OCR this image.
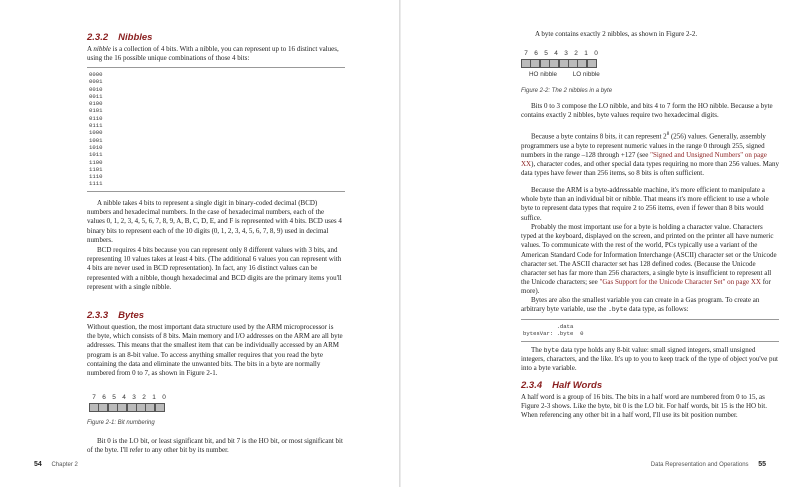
2.3.2 Nibbles

A nibble is a collection of 4 bits. With a nibble, you can represent up to 16 distinct values, using the 16 possible unique combinations of those 4 bits:

0000
0001
0010
0011
0100
0101
0110
0111
1000
1001
1010
1011
1100
1101
1110
1111

A nibble takes 4 bits to represent a single digit in binary-coded decimal (BCD) numbers and hexadecimal numbers. In the case of hexadecimal numbers, each of the values 0, 1, 2, 3, 4, 5, 6, 7, 8, 9, A, B, C, D, E, and F is represented with 4 bits. BCD uses 4 binary bits to represent each of the 10 digits (0, 1, 2, 3, 4, 5, 6, 7, 8, 9) used in decimal numbers.

BCD requires 4 bits because you can represent only 8 different values with 3 bits, and representing 10 values takes at least 4 bits. (The additional 6 values you can represent with 4 bits are never used in BCD representation). In fact, any 16 distinct values can be represented with a nibble, though hexadecimal and BCD digits are the primary items you'll represent with a single nibble.

2.3.3 Bytes

Without question, the most important data structure used by the ARM microprocessor is the byte, which consists of 8 bits. Main memory and I/O addresses on the ARM are all byte addresses. This means that the smallest item that can be individually accessed by an ARM program is an 8-bit value. To access anything smaller requires that you read the byte containing the data and eliminate the unwanted bits. The bits in a byte are normally numbered from 0 to 7, as shown in Figure 2-1.

7 6 5 4 3 2 1 0
Figure 2-1: Bit numbering

Bit 0 is the LO bit, or least significant bit, and bit 7 is the HO bit, or most significant bit of the byte. I'll refer to any other bit by its number.

54 Chapter 2

A byte contains exactly 2 nibbles, as shown in Figure 2-2.

7 6 5 4 3 2 1 0
HO nibble	LO nibble
Figure 2-2: The 2 nibbles in a byte

Bits 0 to 3 compose the LO nibble, and bits 4 to 7 form the HO nibble. Because a byte contains exactly 2 nibbles, byte values require two hexadecimal digits.

Because a byte contains 8 bits, it can represent $2^8$ (256) values. Generally, assembly programmers use a byte to represent numeric values in the range 0 through 255, signed numbers in the range –128 through +127 (see "Signed and Unsigned Numbers" on page XX), character codes, and other special data types requiring no more than 256 values. Many data types have fewer than 256 items, so 8 bits is often sufficient.

Because the ARM is a byte-addressable machine, it's more efficient to manipulate a whole byte than an individual bit or nibble. That means it's more efficient to use a whole byte to represent data types that require 2 to 256 items, even if fewer than 8 bits would suffice.

Probably the most important use for a byte is holding a character value. Characters typed at the keyboard, displayed on the screen, and printed on the printer all have numeric values. To communicate with the rest of the world, PCs typically use a variant of the American Standard Code for Information Interchange (ASCII) character set or the Unicode character set. The ASCII character set has 128 defined codes. (Because the Unicode character set has far more than 256 characters, a single byte is insufficient to represent all the Unicode characters; see "Gas Support for the Unicode Character Set" on page XX for more).

Bytes are also the smallest variable you can create in a Gas program. To create an arbitrary byte variable, use the .byte data type, as follows:

.data
bytesVar: .byte  0

The byte data type holds any 8-bit value: small signed integers, small unsigned integers, characters, and the like. It's up to you to keep track of the type of object you've put into a byte variable.

2.3.4 Half Words

A half word is a group of 16 bits. The bits in a half word are numbered from 0 to 15, as Figure 2-3 shows. Like the byte, bit 0 is the LO bit. For half words, bit 15 is the HO bit. When referencing any other bit in a half word, I'll use its bit position number.

Data Representation and Operations 55
